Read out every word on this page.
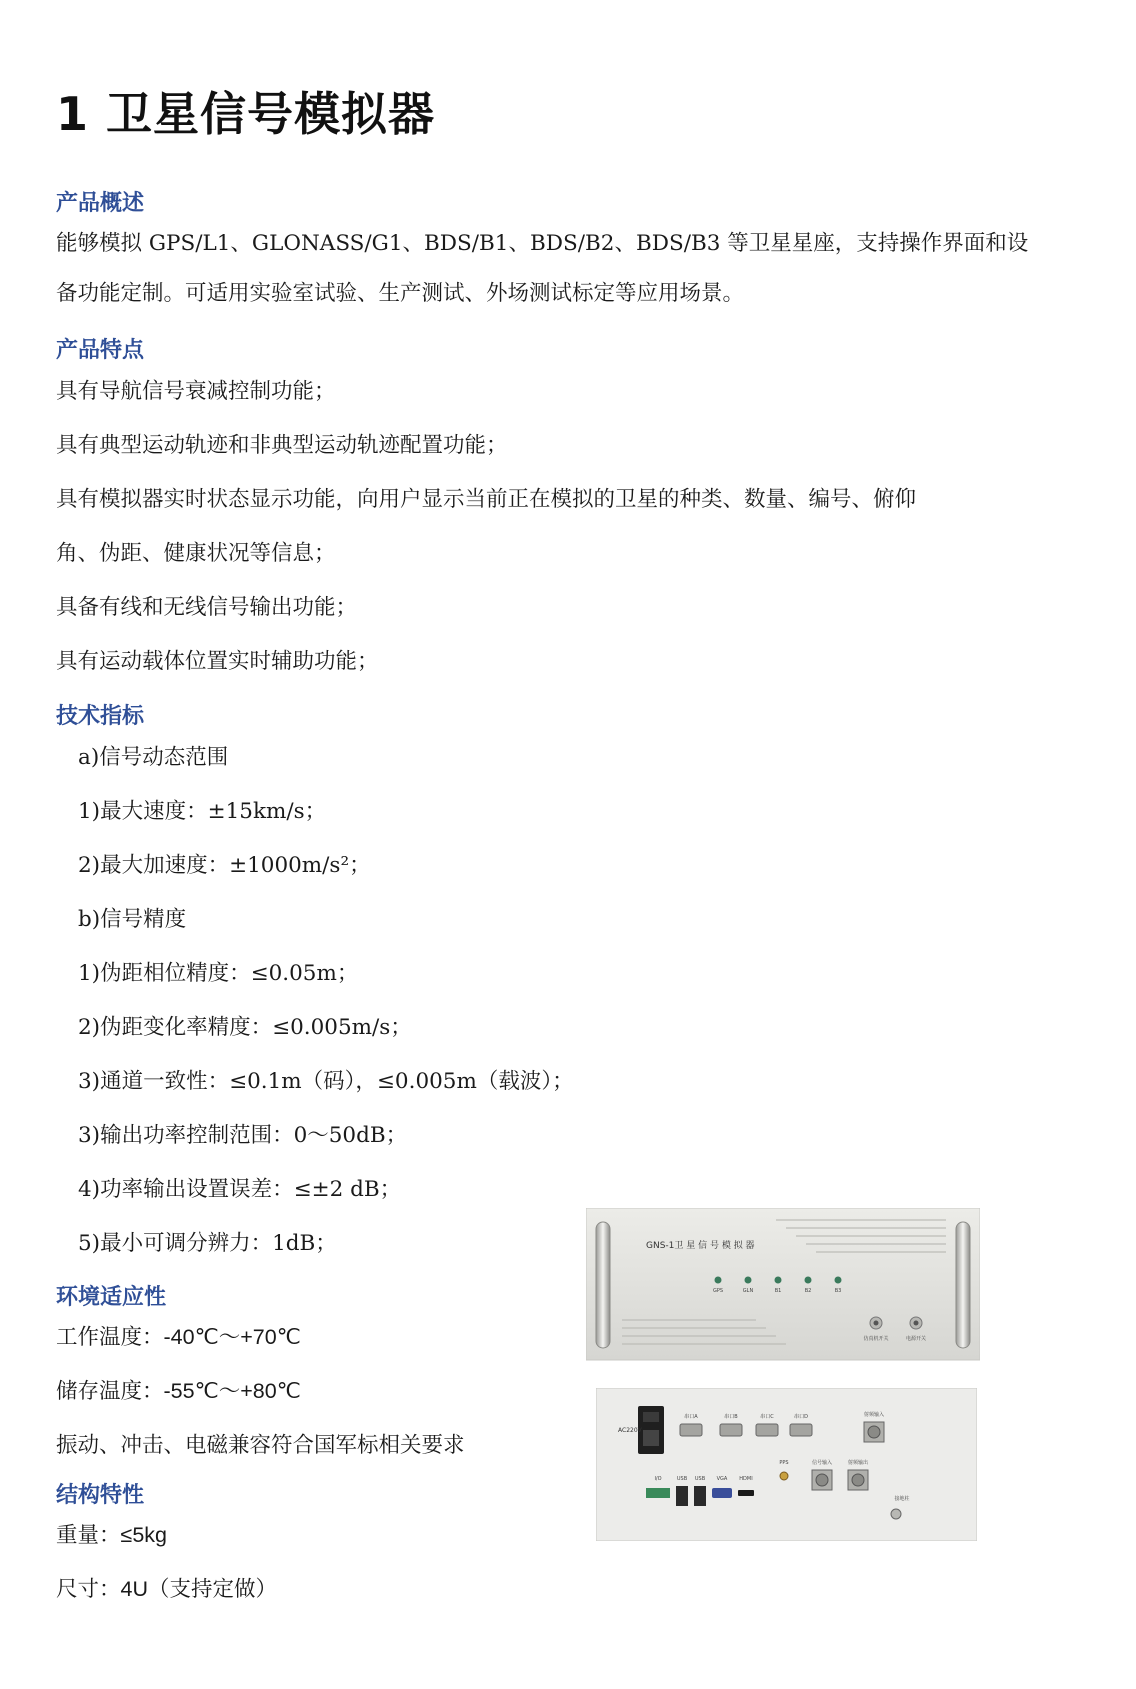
1 卫星信号模拟器
产品概述
能够模拟 GPS/L1、GLONASS/G1、BDS/B1、BDS/B2、BDS/B3 等卫星星座，支持操作界面和设
备功能定制。可适用实验室试验、生产测试、外场测试标定等应用场景。
产品特点
具有导航信号衰减控制功能；
具有典型运动轨迹和非典型运动轨迹配置功能；
具有模拟器实时状态显示功能，向用户显示当前正在模拟的卫星的种类、数量、编号、俯仰
角、伪距、健康状况等信息；
具备有线和无线信号输出功能；
具有运动载体位置实时辅助功能；
技术指标
a)信号动态范围
1)最大速度：±15km/s；
2)最大加速度：±1000m/s²；
b)信号精度
1)伪距相位精度：≤0.05m；
2)伪距变化率精度：≤0.005m/s；
3)通道一致性：≤0.1m（码），≤0.005m（载波）；
3)输出功率控制范围：0～50dB；
4)功率输出设置误差：≤±2 dB；
5)最小可调分辨力：1dB；
环境适应性
工作温度：-40℃～+70℃
储存温度：-55℃～+80℃
振动、冲击、电磁兼容符合国军标相关要求
结构特性
重量：≤5kg
尺寸：4U（支持定做）
GNS-1卫 星 信 号 模 拟 器
GPS	GLN	B1	B2	B3
仿真机开关	电源开关
AC220V
串口A	串口B	串口C	串口D	射频输入
I/O	USB USB VGA HDMI
PPS	信号输入	射频输出
接地柱
